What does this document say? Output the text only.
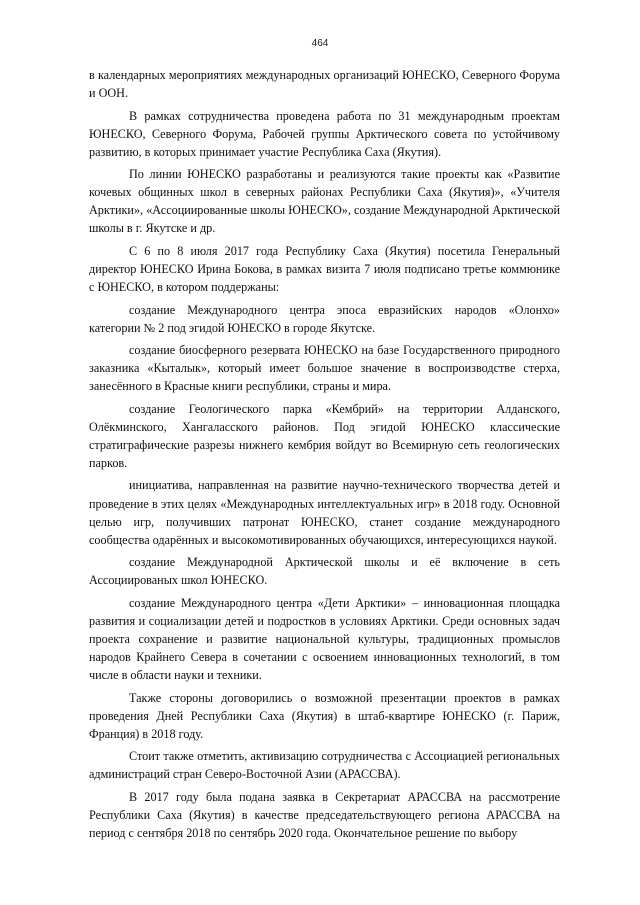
464

в календарных мероприятиях международных организаций ЮНЕСКО, Северного Форума и ООН.

В рамках сотрудничества проведена работа по 31 международным проектам ЮНЕСКО, Северного Форума, Рабочей группы Арктического совета по устойчивому развитию, в которых принимает участие Республика Саха (Якутия).

По линии ЮНЕСКО разработаны и реализуются такие проекты как «Развитие кочевых общинных школ в северных районах Республики Саха (Якутия)», «Учителя Арктики», «Ассоциированные школы ЮНЕСКО», создание Международной Арктической школы в г. Якутске и др.

С 6 по 8 июля 2017 года Республику Саха (Якутия) посетила Генеральный директор ЮНЕСКО Ирина Бокова, в рамках визита 7 июля подписано третье коммюнике с ЮНЕСКО, в котором поддержаны:

создание Международного центра эпоса евразийских народов «Олонхо» категории № 2 под эгидой ЮНЕСКО в городе Якутске.

создание биосферного резервата ЮНЕСКО на базе Государственного природного заказника «Кыталык», который имеет большое значение в воспроизводстве стерха, занесённого в Красные книги республики, страны и мира.

создание Геологического парка «Кембрий» на территории Алданского, Олёкминского, Хангаласского районов. Под эгидой ЮНЕСКО классические стратиграфические разрезы нижнего кембрия войдут во Всемирную сеть геологических парков.

инициатива, направленная на развитие научно-технического творчества детей и проведение в этих целях «Международных интеллектуальных игр» в 2018 году. Основной целью игр, получивших патронат ЮНЕСКО, станет создание международного сообщества одарённых и высокомотивированных обучающихся, интересующихся наукой.

создание Международной Арктической школы и её включение в сеть Ассоциированых школ ЮНЕСКО.

создание Международного центра «Дети Арктики» – инновационная площадка развития и социализации детей и подростков в условиях Арктики. Среди основных задач проекта сохранение и развитие национальной культуры, традиционных промыслов народов Крайнего Севера в сочетании с освоением инновационных технологий, в том числе в области науки и техники.

Также стороны договорились о возможной презентации проектов в рамках проведения Дней Республики Саха (Якутия) в штаб-квартире ЮНЕСКО (г. Париж, Франция) в 2018 году.

Стоит также отметить, активизацию сотрудничества с Ассоциацией региональных администраций стран Северо-Восточной Азии (АРАССВА).

В 2017 году была подана заявка в Секретариат АРАССВА на рассмотрение Республики Саха (Якутия) в качестве председательствующего региона АРАССВА на период с сентября 2018 по сентябрь 2020 года. Окончательное решение по выбору
